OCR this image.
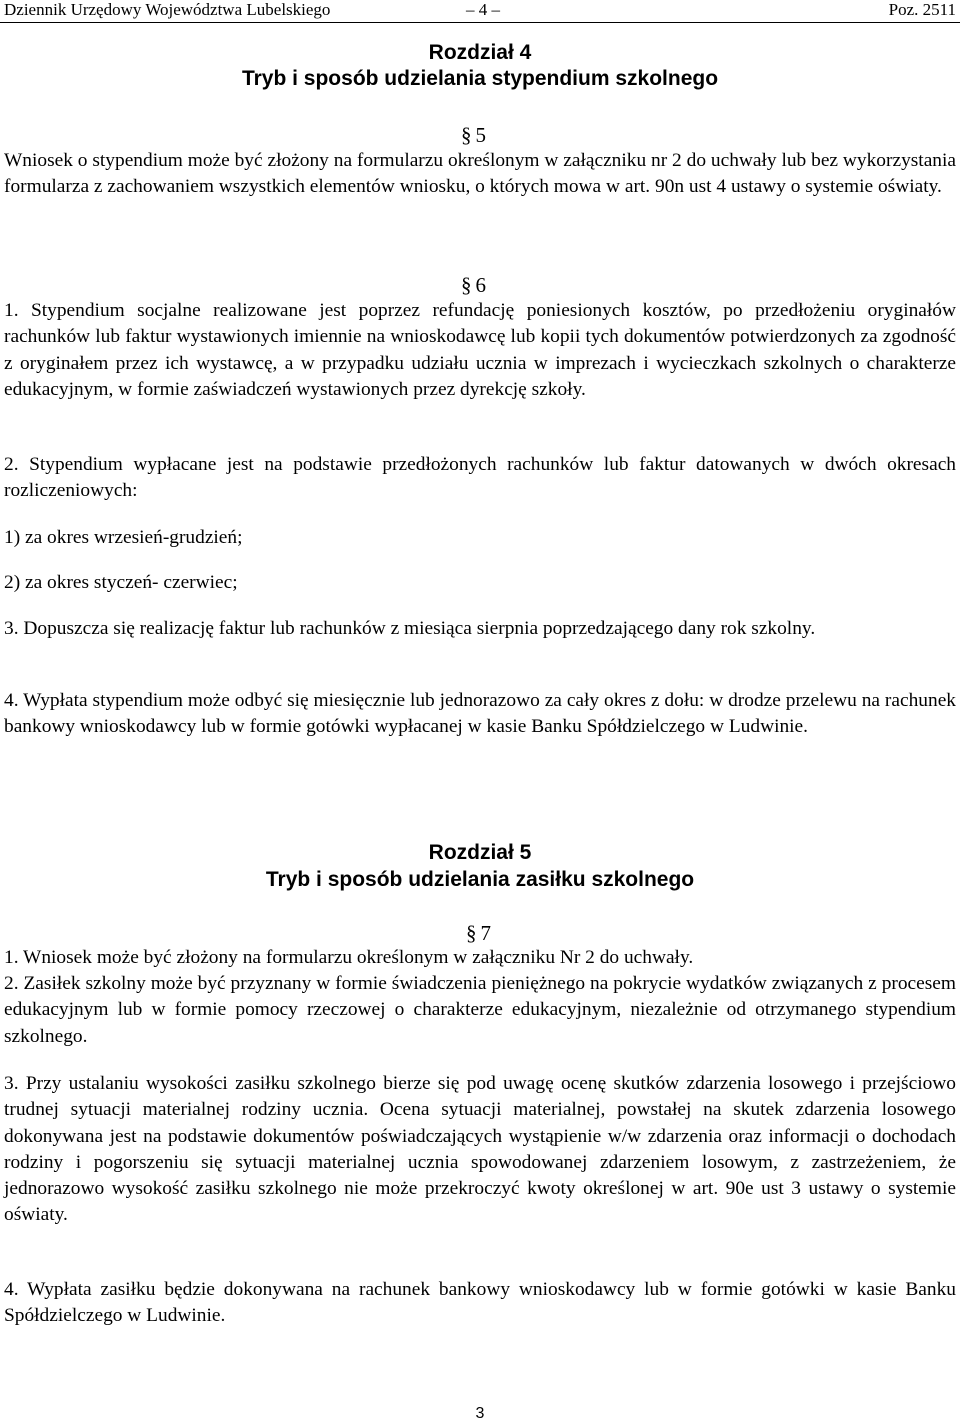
Dziennik Urzędowy Województwa Lubelskiego	– 4 –	Poz. 2511
Rozdział 4
Tryb i sposób udzielania stypendium szkolnego
§ 5
Wniosek o stypendium może być złożony na formularzu określonym w załączniku nr 2 do uchwały lub bez wykorzystania formularza z zachowaniem wszystkich elementów wniosku, o których mowa w art. 90n ust 4 ustawy o systemie oświaty.
§ 6
1. Stypendium socjalne realizowane jest poprzez refundację poniesionych kosztów, po przedłożeniu oryginałów rachunków lub faktur wystawionych imiennie na wnioskodawcę lub kopii tych dokumentów potwierdzonych za zgodność z oryginałem przez ich wystawcę, a w przypadku udziału ucznia w imprezach i wycieczkach szkolnych o charakterze edukacyjnym, w formie zaświadczeń wystawionych przez dyrekcję szkoły.
2. Stypendium wypłacane jest na podstawie przedłożonych rachunków lub faktur datowanych w dwóch okresach rozliczeniowych:
1) za okres wrzesień-grudzień;
2) za okres styczeń- czerwiec;
3. Dopuszcza się realizację faktur lub rachunków z miesiąca sierpnia poprzedzającego dany rok szkolny.
4. Wypłata stypendium może odbyć się miesięcznie lub jednorazowo za cały okres z dołu: w drodze przelewu na rachunek bankowy wnioskodawcy lub w formie gotówki wypłacanej w kasie Banku Spółdzielczego w Ludwinie.
Rozdział 5
Tryb i sposób udzielania zasiłku szkolnego
§ 7
1. Wniosek może być złożony na formularzu określonym w załączniku Nr 2 do uchwały.
2. Zasiłek szkolny może być przyznany w formie świadczenia pieniężnego na pokrycie wydatków związanych z procesem edukacyjnym lub w formie pomocy rzeczowej o charakterze edukacyjnym, niezależnie od otrzymanego stypendium szkolnego.
3. Przy ustalaniu wysokości zasiłku szkolnego bierze się pod uwagę ocenę skutków zdarzenia losowego i przejściowo trudnej sytuacji materialnej rodziny ucznia. Ocena sytuacji materialnej, powstałej na skutek zdarzenia losowego dokonywana jest na podstawie dokumentów poświadczających wystąpienie w/w zdarzenia oraz informacji o dochodach rodziny i pogorszeniu się sytuacji materialnej ucznia spowodowanej zdarzeniem losowym, z zastrzeżeniem, że jednorazowo wysokość zasiłku szkolnego nie może przekroczyć kwoty określonej w art. 90e ust 3 ustawy o systemie oświaty.
4. Wypłata zasiłku będzie dokonywana na rachunek bankowy wnioskodawcy lub w formie gotówki w kasie Banku Spółdzielczego w Ludwinie.
3
